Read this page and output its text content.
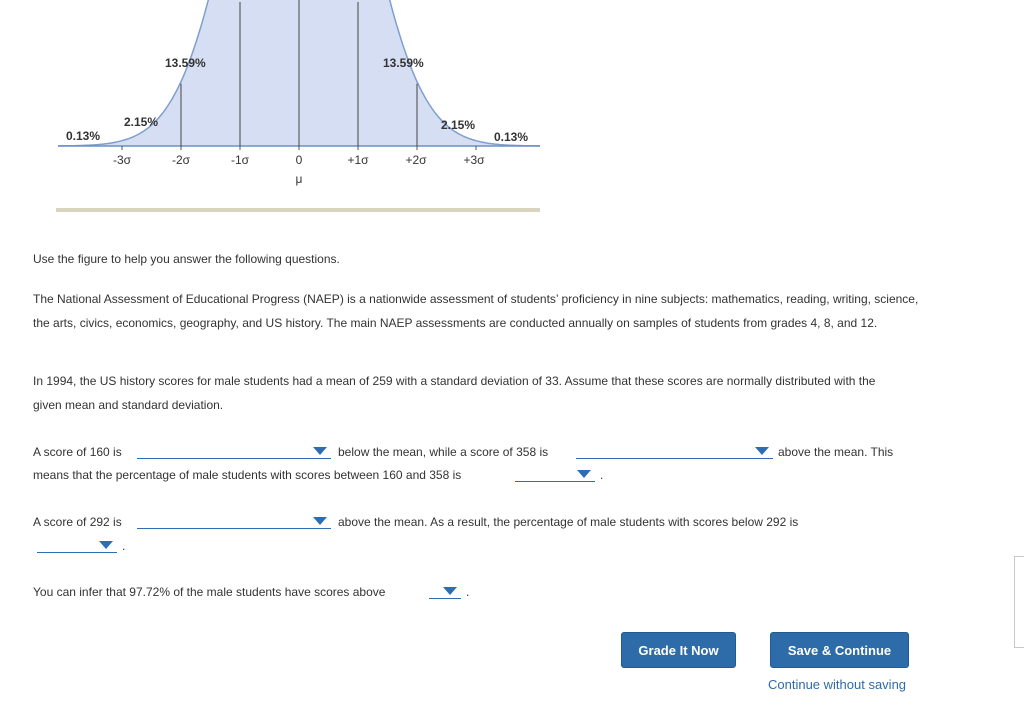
0.13%
2.15%
13.59%	13.59%
2.15%
0.13%
-3σ	-2σ	-1σ	0	+1σ	+2σ	+3σ
μ
Use the figure to help you answer the following questions.
The National Assessment of Educational Progress (NAEP) is a nationwide assessment of students’ proficiency in nine subjects: mathematics, reading, writing, science, the arts, civics, economics, geography, and US history. The main NAEP assessments are conducted annually on samples of students from grades 4, 8, and 12.
In 1994, the US history scores for male students had a mean of 259 with a standard deviation of 33. Assume that these scores are normally distributed with the given mean and standard deviation.
A score of 160 is	below the mean, while a score of 358 is	above the mean. This
means that the percentage of male students with scores between 160 and 358 is	.
A score of 292 is	above the mean. As a result, the percentage of male students with scores below 292 is
.
You can infer that 97.72% of the male students have scores above	.
Grade It Now	Save & Continue
Continue without saving
